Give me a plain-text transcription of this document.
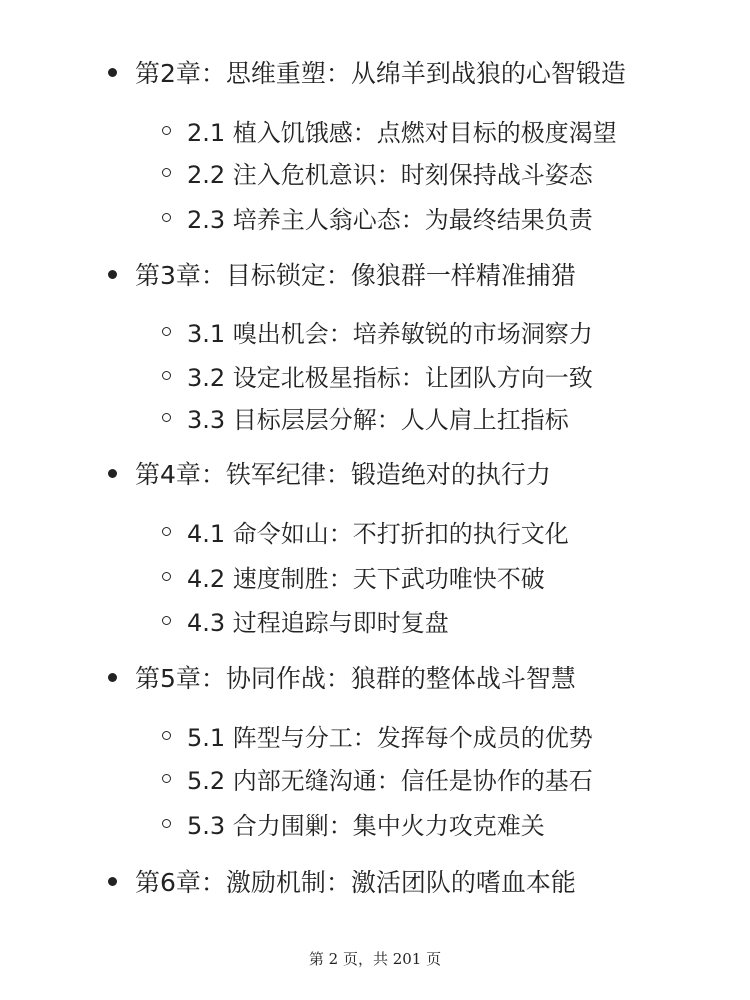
第2章：思维重塑：从绵羊到战狼的心智锻造
2.1 植入饥饿感：点燃对目标的极度渴望
2.2 注入危机意识：时刻保持战斗姿态
2.3 培养主人翁心态：为最终结果负责
第3章：目标锁定：像狼群一样精准捕猎
3.1 嗅出机会：培养敏锐的市场洞察力
3.2 设定北极星指标：让团队方向一致
3.3 目标层层分解：人人肩上扛指标
第4章：铁军纪律：锻造绝对的执行力
4.1 命令如山：不打折扣的执行文化
4.2 速度制胜：天下武功唯快不破
4.3 过程追踪与即时复盘
第5章：协同作战：狼群的整体战斗智慧
5.1 阵型与分工：发挥每个成员的优势
5.2 内部无缝沟通：信任是协作的基石
5.3 合力围剿：集中火力攻克难关
第6章：激励机制：激活团队的嗜血本能
第 2 页，共 201 页
